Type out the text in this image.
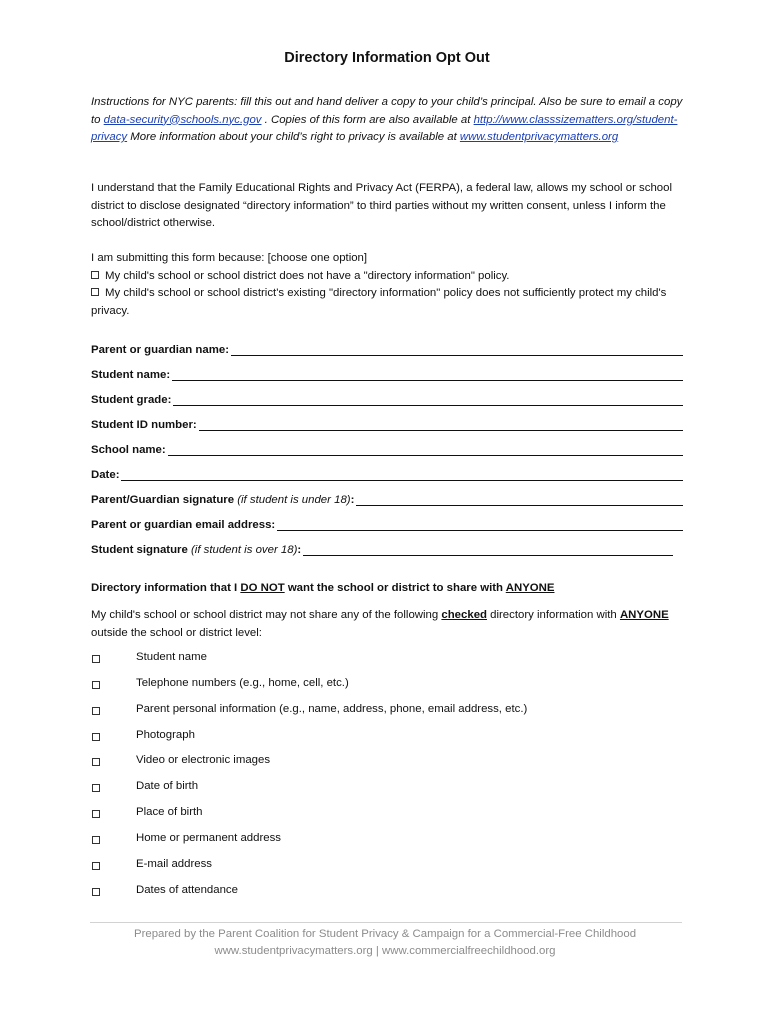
Directory Information Opt Out
Instructions for NYC parents: fill this out and hand deliver a copy to your child’s principal. Also be sure to email a copy to data-security@schools.nyc.gov . Copies of this form are also available at http://www.classsizematters.org/student-privacy More information about your child’s right to privacy is available at www.studentprivacymatters.org
I understand that the Family Educational Rights and Privacy Act (FERPA), a federal law, allows my school or school district to disclose designated “directory information” to third parties without my written consent, unless I inform the school/district otherwise.
I am submitting this form because: [choose one option]
My child's school or school district does not have a "directory information" policy.
My child's school or school district's existing "directory information" policy does not sufficiently protect my child's privacy.
Parent or guardian name:
Student name:
Student grade:
Student ID number:
School name:
Date:
Parent/Guardian signature (if student is under 18):
Parent or guardian email address:
Student signature (if student is over 18):
Directory information that I DO NOT want the school or district to share with ANYONE
My child's school or school district may not share any of the following checked directory information with ANYONE outside the school or district level:
Student name
Telephone numbers (e.g., home, cell, etc.)
Parent personal information (e.g., name, address, phone, email address, etc.)
Photograph
Video or electronic images
Date of birth
Place of birth
Home or permanent address
E-mail address
Dates of attendance
Prepared by the Parent Coalition for Student Privacy & Campaign for a Commercial-Free Childhood
www.studentprivacymatters.org | www.commercialfreechildhood.org
